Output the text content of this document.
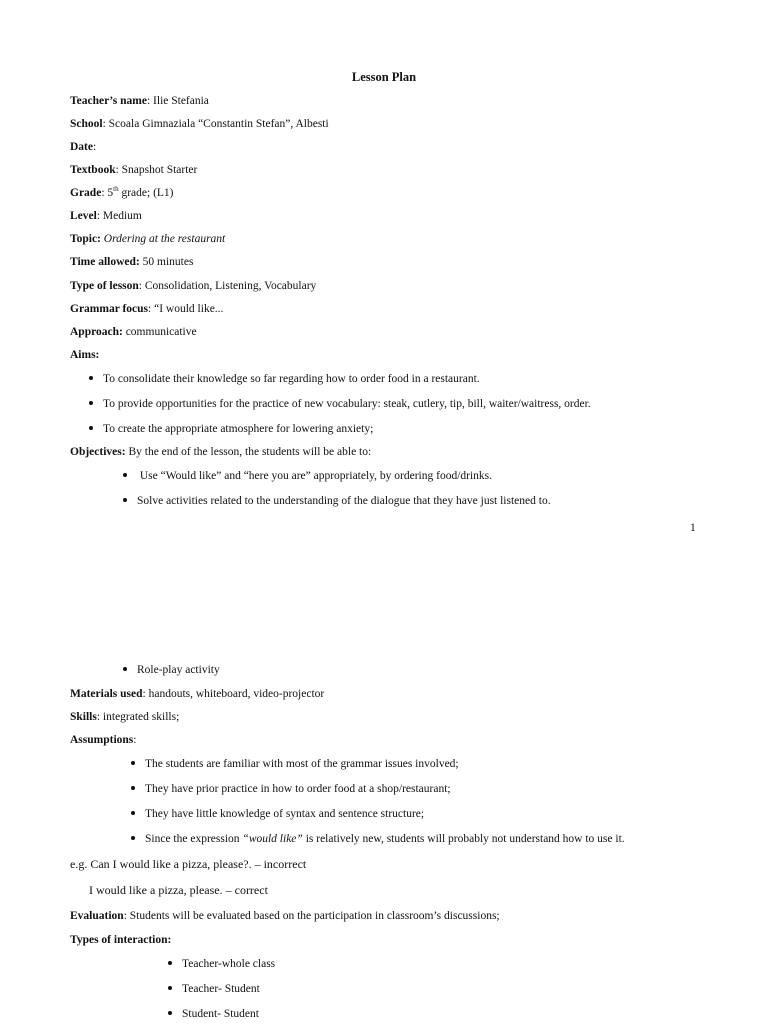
Lesson Plan
Teacher’s name: Ilie Stefania
School: Scoala Gimnaziala “Constantin Stefan”, Albesti
Date:
Textbook: Snapshot Starter
Grade: 5th grade; (L1)
Level: Medium
Topic: Ordering at the restaurant
Time allowed: 50 minutes
Type of lesson: Consolidation, Listening, Vocabulary
Grammar focus: “I would like...
Approach: communicative
Aims:
To consolidate their knowledge so far regarding how to order food in a restaurant.
To provide opportunities for the practice of new vocabulary: steak, cutlery, tip, bill, waiter/waitress, order.
To create the appropriate atmosphere for lowering anxiety;
Objectives: By the end of the lesson, the students will be able to:
Use “Would like” and “here you are” appropriately, by ordering food/drinks.
Solve activities related to the understanding of the dialogue that they have just listened to.
1
Role-play activity
Materials used: handouts, whiteboard, video-projector
Skills: integrated skills;
Assumptions:
The students are familiar with most of the grammar issues involved;
They have prior practice in how to order food at a shop/restaurant;
They have little knowledge of syntax and sentence structure;
Since the expression “would like” is relatively new, students will probably not understand how to use it.
e.g. Can I would like a pizza, please?. – incorrect
I would like a pizza, please. – correct
Evaluation: Students will be evaluated based on the participation in classroom’s discussions;
Types of interaction:
Teacher-whole class
Teacher- Student
Student- Student
